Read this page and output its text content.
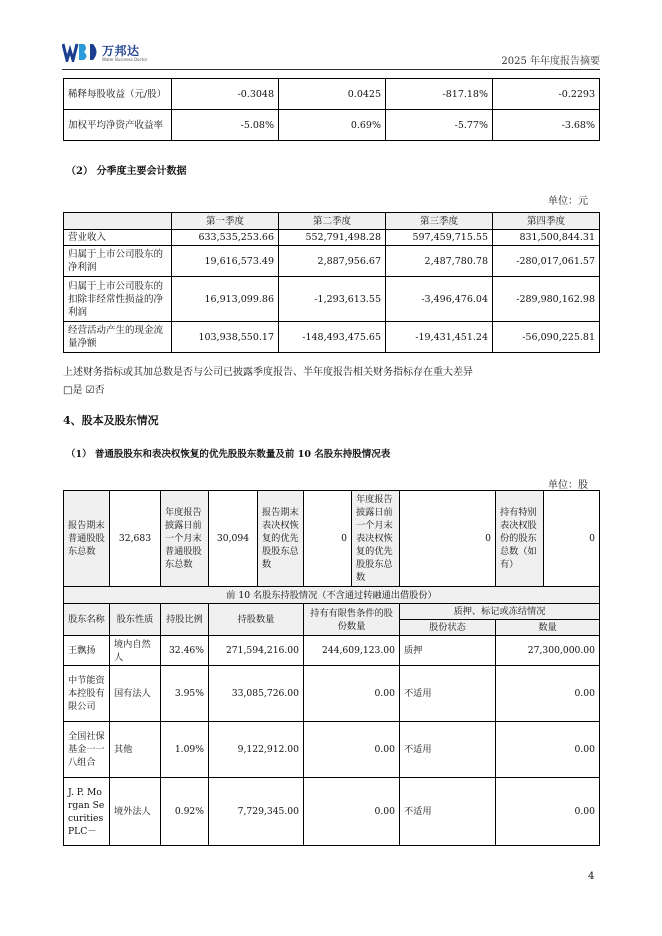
万邦达
Water Business Doctor	2025 年年度报告摘要
稀释每股收益（元/股）	-0.3048	0.0425	-817.18%	-0.2293
加权平均净资产收益率	-5.08%	0.69%	-5.77%	-3.68%
（2） 分季度主要会计数据
单位：元
	第一季度	第二季度	第三季度	第四季度
营业收入	633,535,253.66	552,791,498.28	597,459,715.55	831,500,844.31
归属于上市公司股东的净利润	19,616,573.49	2,887,956.67	2,487,780.78	-280,017,061.57
归属于上市公司股东的扣除非经常性损益的净利润	16,913,099.86	-1,293,613.55	-3,496,476.04	-289,980,162.98
经营活动产生的现金流量净额	103,938,550.17	-148,493,475.65	-19,431,451.24	-56,090,225.81
上述财务指标或其加总数是否与公司已披露季度报告、半年度报告相关财务指标存在重大差异
□是 ☑否
4、股本及股东情况
（1） 普通股股东和表决权恢复的优先股股东数量及前 10 名股东持股情况表
单位：股
报告期末普通股股东总数	32,683	年度报告披露日前一个月末普通股股东总数	30,094	报告期末表决权恢复的优先股股东总数	0	年度报告披露日前一个月末表决权恢复的优先股股东总数	0	持有特别表决权股份的股东总数（如有）	0
前 10 名股东持股情况（不含通过转融通出借股份）									
股东名称	股东性质	持股比例	持股数量		持有有限售条件的股份数量		质押、标记或冻结情况		
							股份状态	数量	
王飘扬	境内自然人	32.46%	271,594,216.00		244,609,123.00		质押	27,300,000.00	
中节能资本控股有限公司	国有法人	3.95%	33,085,726.00		0.00		不适用	0.00	
全国社保基金一一八组合	其他	1.09%	9,122,912.00		0.00		不适用	0.00	
J. P. Morgan Securities PLC－	境外法人	0.92%	7,729,345.00		0.00		不适用	0.00	
4
